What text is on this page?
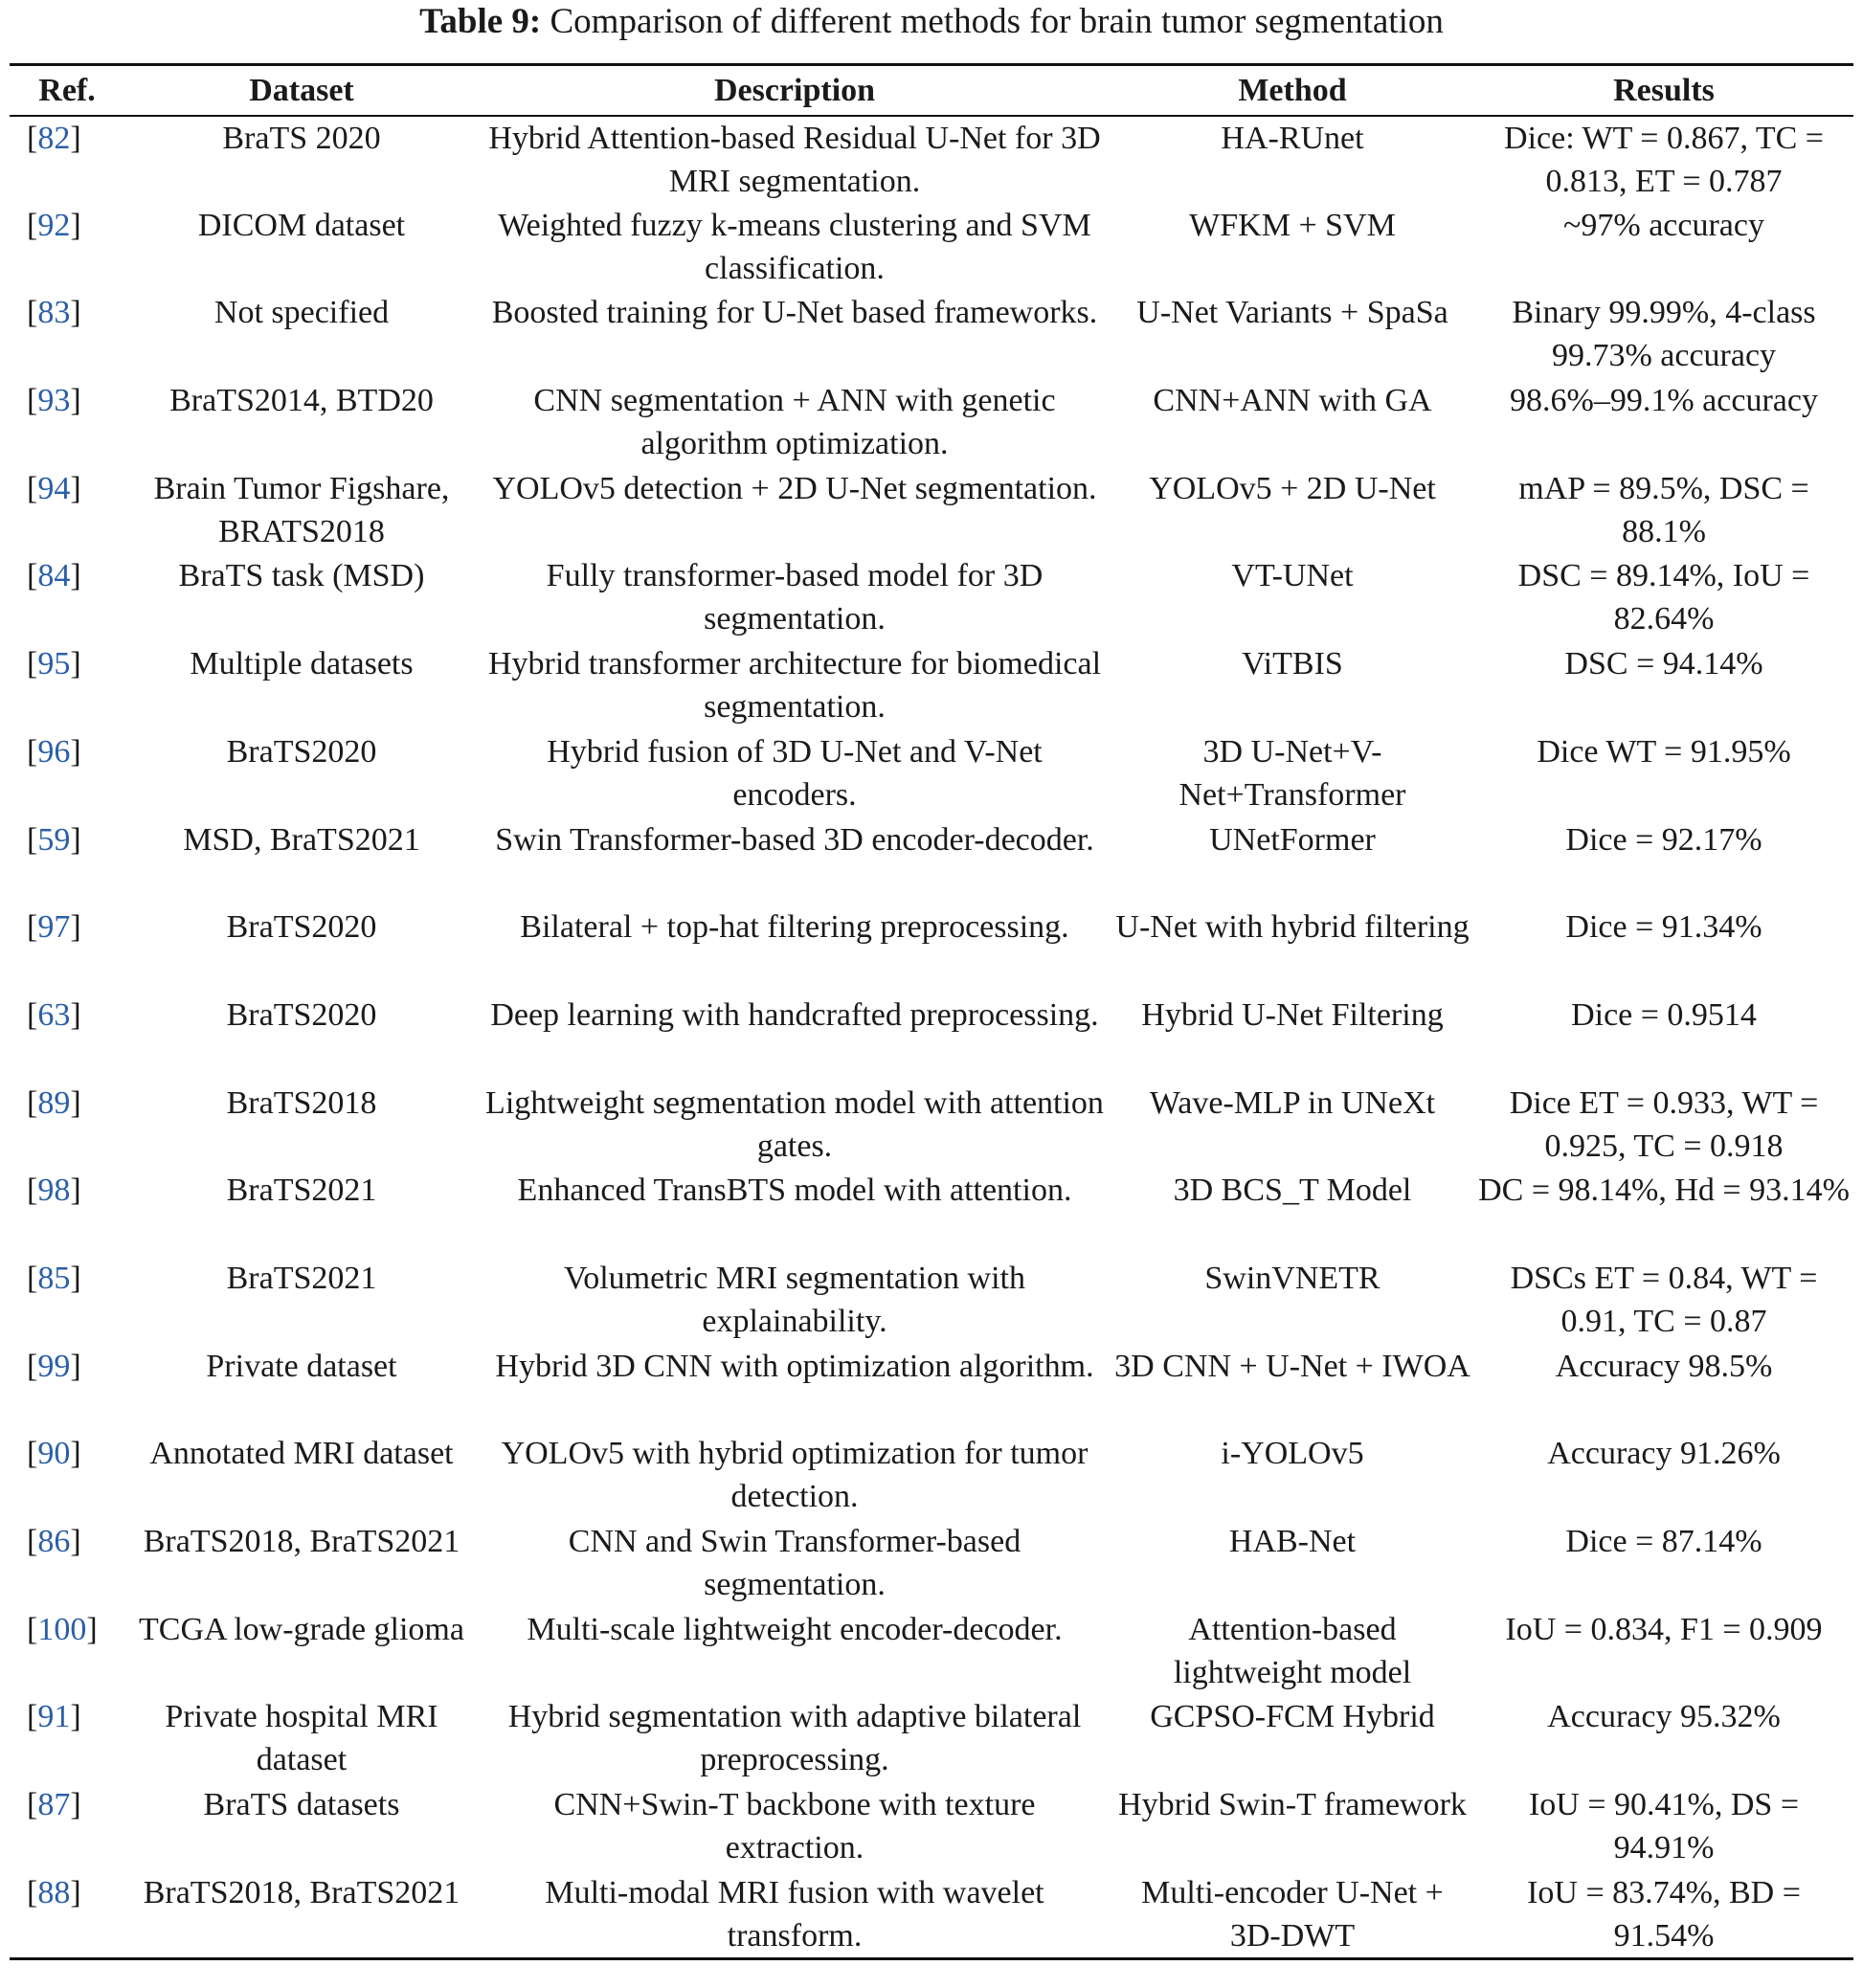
Table 9: Comparison of different methods for brain tumor segmentation
Ref.	Dataset	Description	Method	Results
[82]	BraTS 2020	Hybrid Attention-based Residual U-Net for 3D MRI segmentation.	HA-RUnet	Dice: WT = 0.867, TC = 0.813, ET = 0.787
[92]	DICOM dataset	Weighted fuzzy k-means clustering and SVM classification.	WFKM + SVM	~97% accuracy
[83]	Not specified	Boosted training for U-Net based frameworks.	U-Net Variants + SpaSa	Binary 99.99%, 4-class 99.73% accuracy
[93]	BraTS2014, BTD20	CNN segmentation + ANN with genetic algorithm optimization.	CNN+ANN with GA	98.6%–99.1% accuracy
[94]	Brain Tumor Figshare, BRATS2018	YOLOv5 detection + 2D U-Net segmentation.	YOLOv5 + 2D U-Net	mAP = 89.5%, DSC = 88.1%
[84]	BraTS task (MSD)	Fully transformer-based model for 3D segmentation.	VT-UNet	DSC = 89.14%, IoU = 82.64%
[95]	Multiple datasets	Hybrid transformer architecture for biomedical segmentation.	ViTBIS	DSC = 94.14%
[96]	BraTS2020	Hybrid fusion of 3D U-Net and V-Net encoders.	3D U-Net+V-Net+Transformer	Dice WT = 91.95%
[59]	MSD, BraTS2021	Swin Transformer-based 3D encoder-decoder.	UNetFormer	Dice = 92.17%
[97]	BraTS2020	Bilateral + top-hat filtering preprocessing.	U-Net with hybrid filtering	Dice = 91.34%
[63]	BraTS2020	Deep learning with handcrafted preprocessing.	Hybrid U-Net Filtering	Dice = 0.9514
[89]	BraTS2018	Lightweight segmentation model with attention gates.	Wave-MLP in UNeXt	Dice ET = 0.933, WT = 0.925, TC = 0.918
[98]	BraTS2021	Enhanced TransBTS model with attention.	3D BCS_T Model	DC = 98.14%, Hd = 93.14%
[85]	BraTS2021	Volumetric MRI segmentation with explainability.	SwinVNETR	DSCs ET = 0.84, WT = 0.91, TC = 0.87
[99]	Private dataset	Hybrid 3D CNN with optimization algorithm.	3D CNN + U-Net + IWOA	Accuracy 98.5%
[90]	Annotated MRI dataset	YOLOv5 with hybrid optimization for tumor detection.	i-YOLOv5	Accuracy 91.26%
[86]	BraTS2018, BraTS2021	CNN and Swin Transformer-based segmentation.	HAB-Net	Dice = 87.14%
[100]	TCGA low-grade glioma	Multi-scale lightweight encoder-decoder.	Attention-based lightweight model	IoU = 0.834, F1 = 0.909
[91]	Private hospital MRI dataset	Hybrid segmentation with adaptive bilateral preprocessing.	GCPSO-FCM Hybrid	Accuracy 95.32%
[87]	BraTS datasets	CNN+Swin-T backbone with texture extraction.	Hybrid Swin-T framework	IoU = 90.41%, DS = 94.91%
[88]	BraTS2018, BraTS2021	Multi-modal MRI fusion with wavelet transform.	Multi-encoder U-Net + 3D-DWT	IoU = 83.74%, BD = 91.54%
